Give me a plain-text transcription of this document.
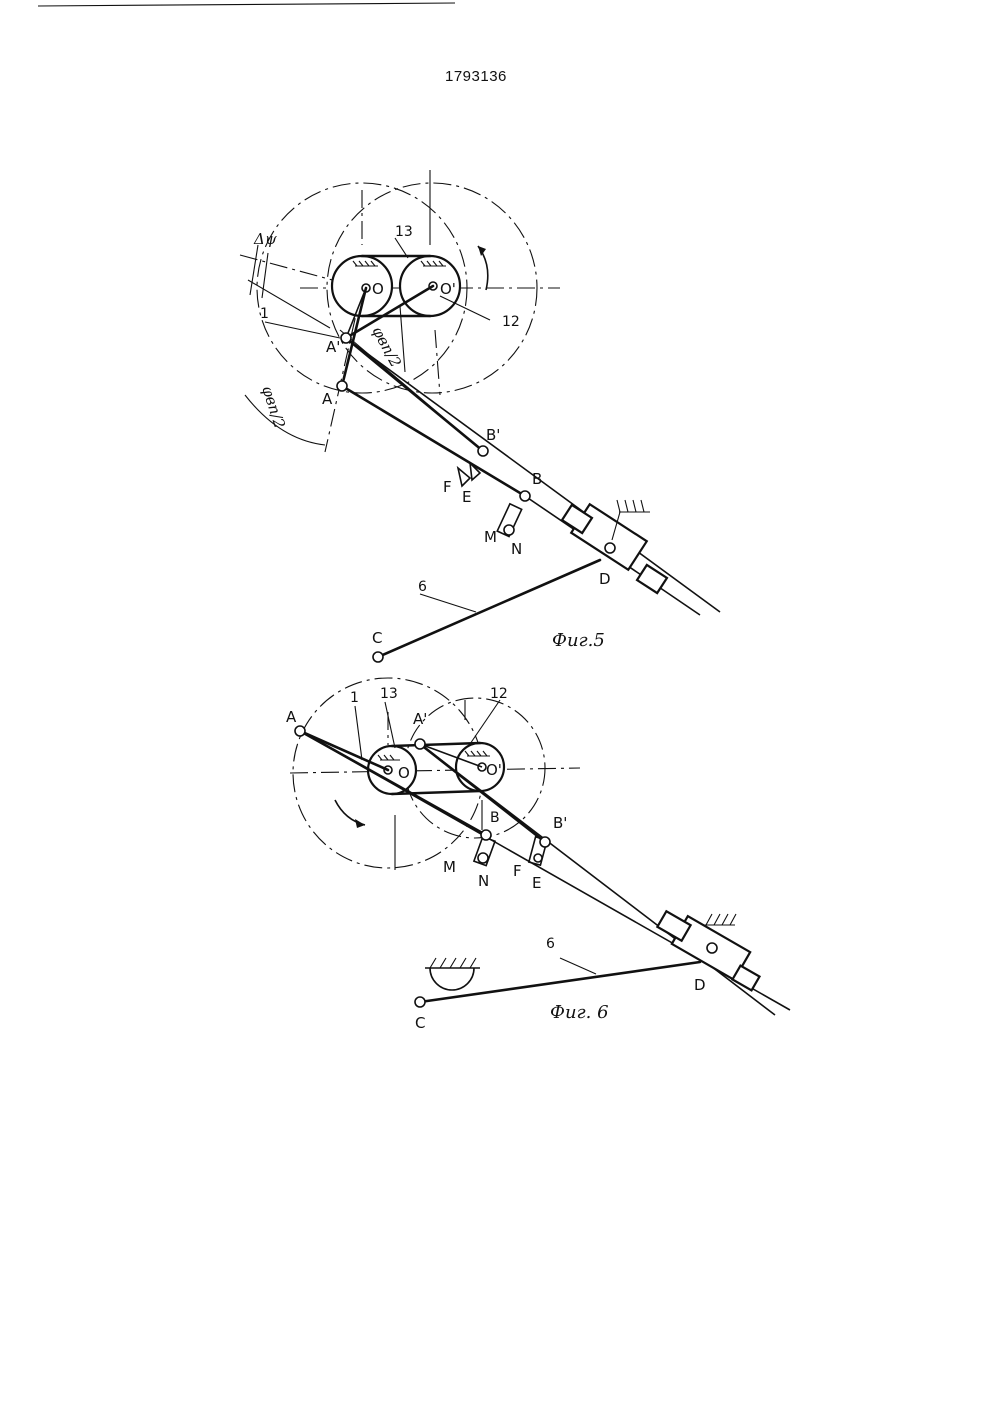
1793136
O	O'
A
A'
B'
B
F
E
M
N
D
C
1
6
12
13
Δψ
φвп/2
φвп/2
Фиг.5
O	O'
A	A'
B	B'
F
E
M
N
D
C
1 13	12
6
Фиг. 6
